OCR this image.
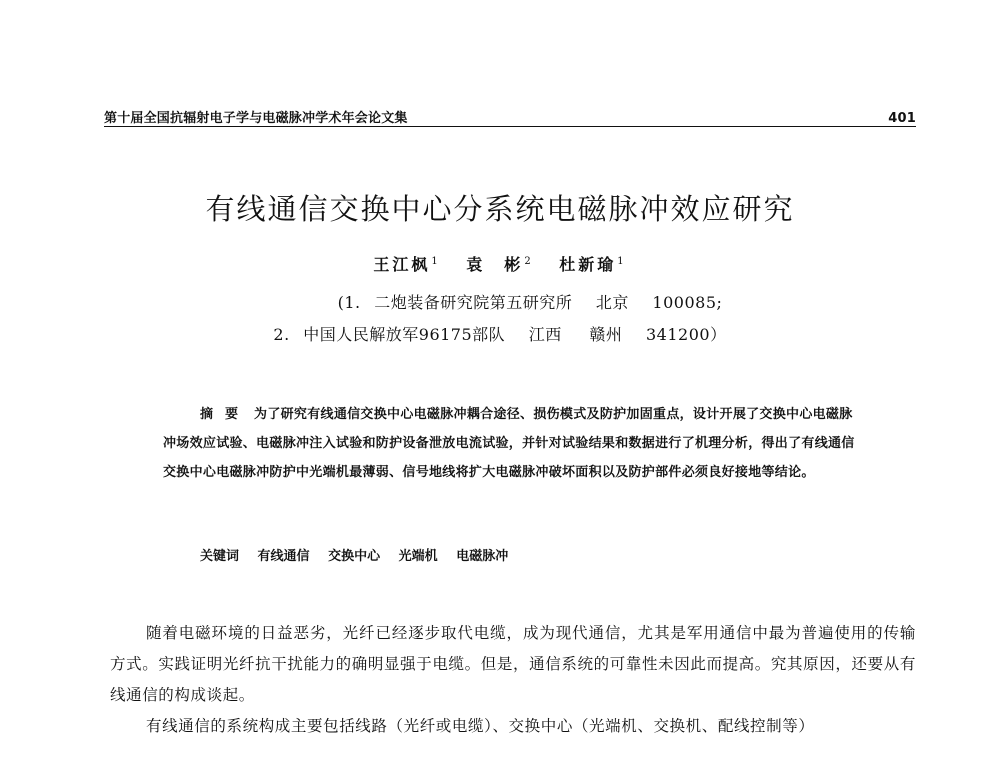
第十届全国抗辐射电子学与电磁脉冲学术年会论文集	401
有线通信交换中心分系统电磁脉冲效应研究
王江枫$^1$ 袁　彬$^2$ 杜新瑜$^1$
(1. 二炮装备研究院第五研究所 北京 100085;
2. 中国人民解放军96175部队 江西 赣州 341200）
摘要 为了研究有线通信交换中心电磁脉冲耦合途径、损伤模式及防护加固重点，设计开展了交换中心电磁脉冲场效应试验、电磁脉冲注入试验和防护设备泄放电流试验，并针对试验结果和数据进行了机理分析，得出了有线通信交换中心电磁脉冲防护中光端机最薄弱、信号地线将扩大电磁脉冲破坏面积以及防护部件必须良好接地等结论。
关键词 有线通信 交换中心 光端机 电磁脉冲

随着电磁环境的日益恶劣，光纤已经逐步取代电缆，成为现代通信，尤其是军用通信中最为普遍使用的传输方式。实践证明光纤抗干扰能力的确明显强于电缆。但是，通信系统的可靠性未因此而提高。究其原因，还要从有线通信的构成谈起。

有线通信的系统构成主要包括线路（光纤或电缆）、交换中心（光端机、交换机、配线控制等）
